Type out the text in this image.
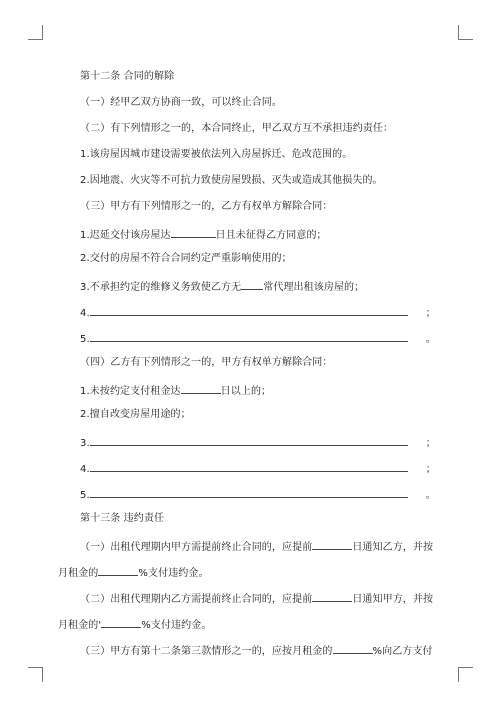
第十二条 合同的解除
（一）经甲乙双方协商一致，可以终止合同。
（二）有下列情形之一的，本合同终止，甲乙双方互不承担违约责任：
1.该房屋因城市建设需要被依法列入房屋拆迁、危改范围的。
2.因地震、火灾等不可抗力致使房屋毁损、灭失或造成其他损失的。
（三）甲方有下列情形之一的，乙方有权单方解除合同：
1.迟延交付该房屋达	日且未征得乙方同意的；
2.交付的房屋不符合合同约定严重影响使用的；
3.不承担约定的维修义务致使乙方无 常代理出租该房屋的；
4.	；
5.	。
（四）乙方有下列情形之一的，甲方有权单方解除合同：
1.未按约定支付租金达	日以上的；
2.擅自改变房屋用途的；
3.	；
4.	；
5.	。
第十三条 违约责任
（一）出租代理期内甲方需提前终止合同的，应提前	日通知乙方，并按
月租金的	%支付违约金。
（二）出租代理期内乙方需提前终止合同的，应提前	日通知甲方，并按
月租金的'	%支付违约金。
（三）甲方有第十二条第三款情形之一的，应按月租金的	%向乙方支付
